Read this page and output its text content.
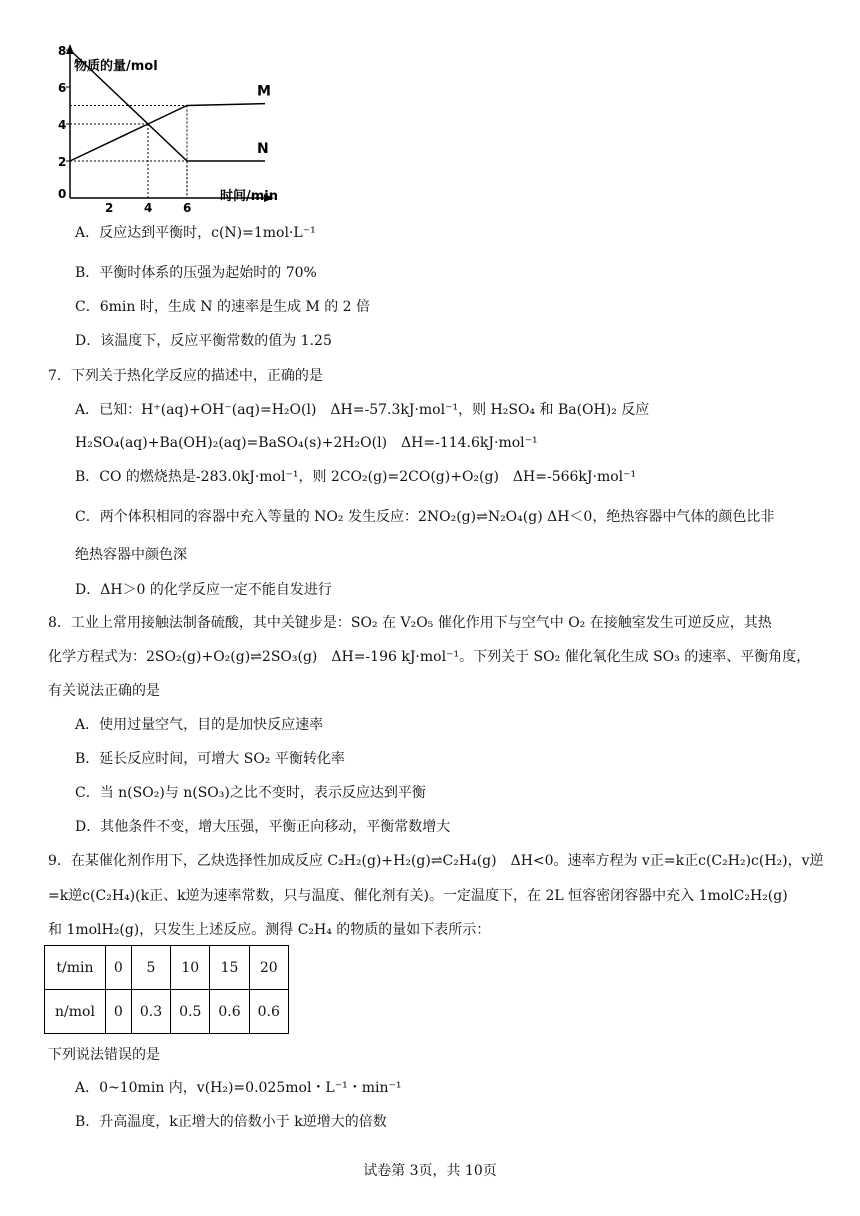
物质的量/mol
时间/min
0
2
4
6
8
2	4	6
M
N
A．反应达到平衡时，c(N)=1mol·L⁻¹
B．平衡时体系的压强为起始时的 70%
C．6min 时，生成 N 的速率是生成 M 的 2 倍
D．该温度下，反应平衡常数的值为 1.25
7．下列关于热化学反应的描述中，正确的是
A．已知：H⁺(aq)+OH⁻(aq)=H₂O(l)　ΔH=-57.3kJ·mol⁻¹，则 H₂SO₄ 和 Ba(OH)₂ 反应
H₂SO₄(aq)+Ba(OH)₂(aq)=BaSO₄(s)+2H₂O(l)　ΔH=-114.6kJ·mol⁻¹
B．CO 的燃烧热是-283.0kJ·mol⁻¹，则 2CO₂(g)=2CO(g)+O₂(g)　ΔH=-566kJ·mol⁻¹
C．两个体积相同的容器中充入等量的 NO₂ 发生反应：2NO₂(g)⇌N₂O₄(g) ΔH＜0，绝热容器中气体的颜色比非
绝热容器中颜色深
D．ΔH＞0 的化学反应一定不能自发进行
8．工业上常用接触法制备硫酸，其中关键步是：SO₂ 在 V₂O₅ 催化作用下与空气中 O₂ 在接触室发生可逆反应，其热
化学方程式为：2SO₂(g)+O₂(g)⇌2SO₃(g)　ΔH=-196 kJ·mol⁻¹。下列关于 SO₂ 催化氧化生成 SO₃ 的速率、平衡角度，
有关说法正确的是
A．使用过量空气，目的是加快反应速率
B．延长反应时间，可增大 SO₂ 平衡转化率
C．当 n(SO₂)与 n(SO₃)之比不变时，表示反应达到平衡
D．其他条件不变，增大压强，平衡正向移动，平衡常数增大
9．在某催化剂作用下，乙炔选择性加成反应 C₂H₂(g)+H₂(g)⇌C₂H₄(g)　ΔH<0。速率方程为 v正=k正c(C₂H₂)c(H₂)，v逆
=k逆c(C₂H₄)(k正、k逆为速率常数，只与温度、催化剂有关)。一定温度下，在 2L 恒容密闭容器中充入 1molC₂H₂(g)
和 1molH₂(g)，只发生上述反应。测得 C₂H₄ 的物质的量如下表所示：
t/min	0	5	10	15	20
n/mol	0	0.3	0.5	0.6	0.6
下列说法错误的是
A．0~10min 内，v(H₂)=0.025mol・L⁻¹・min⁻¹
B．升高温度，k正增大的倍数小于 k逆增大的倍数
试卷第 3页，共 10页
